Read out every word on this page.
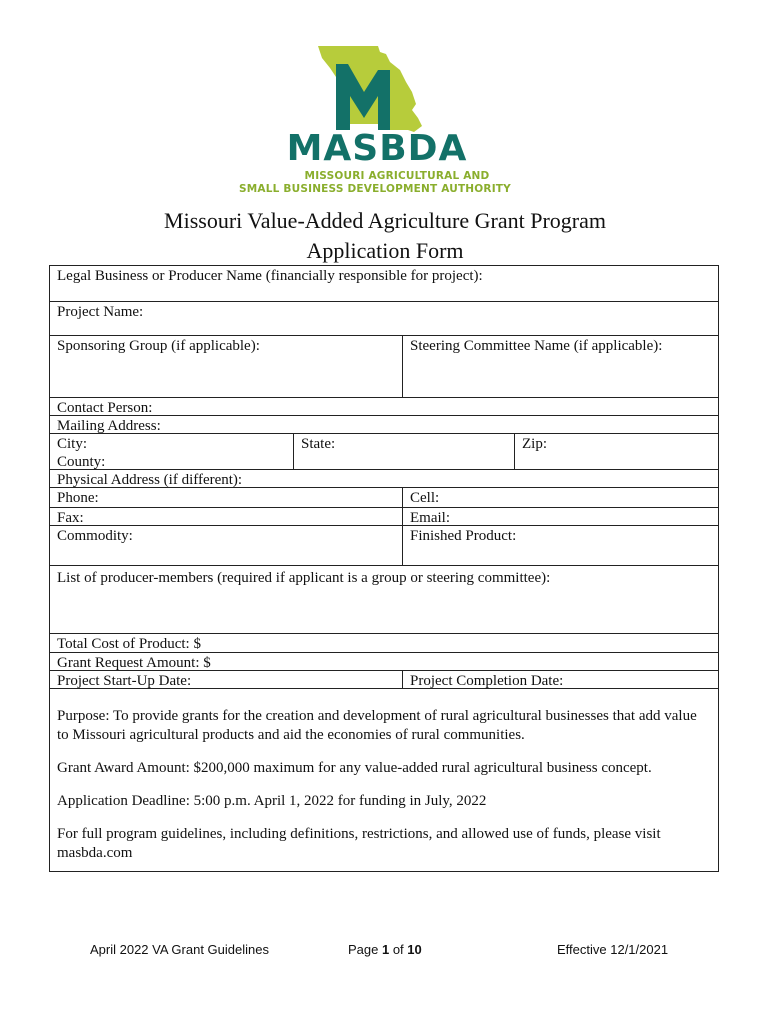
MASBDA
MISSOURI AGRICULTURAL AND
SMALL BUSINESS DEVELOPMENT AUTHORITY
Missouri Value-Added Agriculture Grant Program
Application Form
Legal Business or Producer Name (financially responsible for project):
Project Name:
Sponsoring Group (if applicable):	Steering Committee Name (if applicable):
Contact Person:
Mailing Address:
City:
County:
State:	Zip:
Physical Address (if different):
Phone:	Cell:
Fax:	Email:
Commodity:	Finished Product:
List of producer-members (required if applicant is a group or steering committee):
Total Cost of Product: $
Grant Request Amount: $
Project Start-Up Date:	Project Completion Date:

Purpose: To provide grants for the creation and development of rural agricultural businesses that add value to Missouri agricultural products and aid the economies of rural communities.

Grant Award Amount: $200,000 maximum for any value-added rural agricultural business concept.

Application Deadline: 5:00 p.m. April 1, 2022 for funding in July, 2022

For full program guidelines, including definitions, restrictions, and allowed use of funds, please visit masbda.com

April 2022 VA Grant Guidelines	Page 1 of 10	Effective 12/1/2021
